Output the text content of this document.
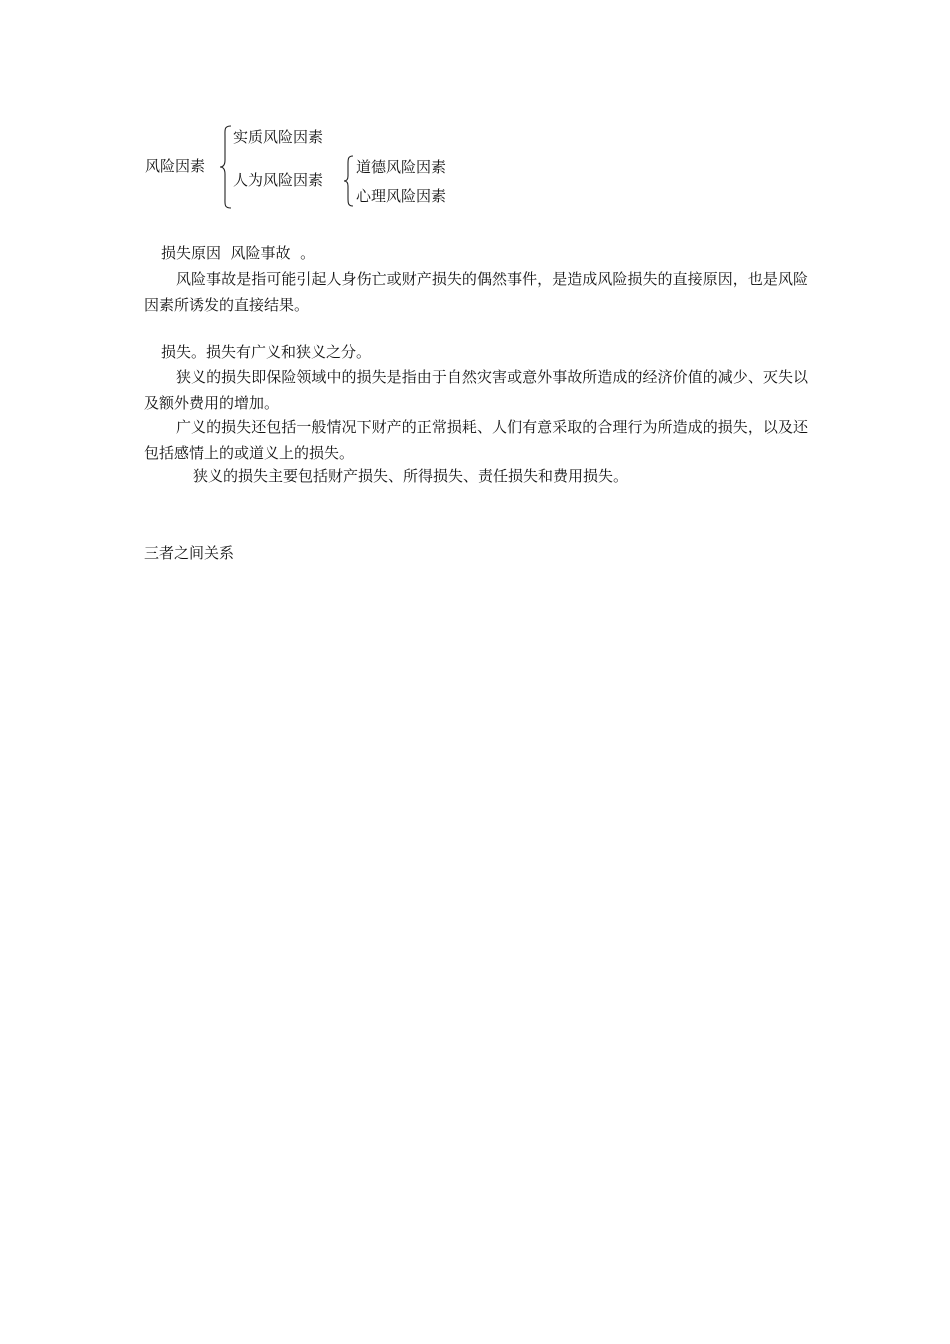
风险因素
实质风险因素
人为风险因素
道德风险因素
心理风险因素
损失原因  风险事故  。
风险事故是指可能引起人身伤亡或财产损失的偶然事件，是造成风险损失的直接原因，也是风险因素所诱发的直接结果。
损失。损失有广义和狭义之分。
狭义的损失即保险领域中的损失是指由于自然灾害或意外事故所造成的经济价值的减少、灭失以及额外费用的增加。
广义的损失还包括一般情况下财产的正常损耗、人们有意采取的合理行为所造成的损失，以及还包括感情上的或道义上的损失。
狭义的损失主要包括财产损失、所得损失、责任损失和费用损失。
三者之间关系
